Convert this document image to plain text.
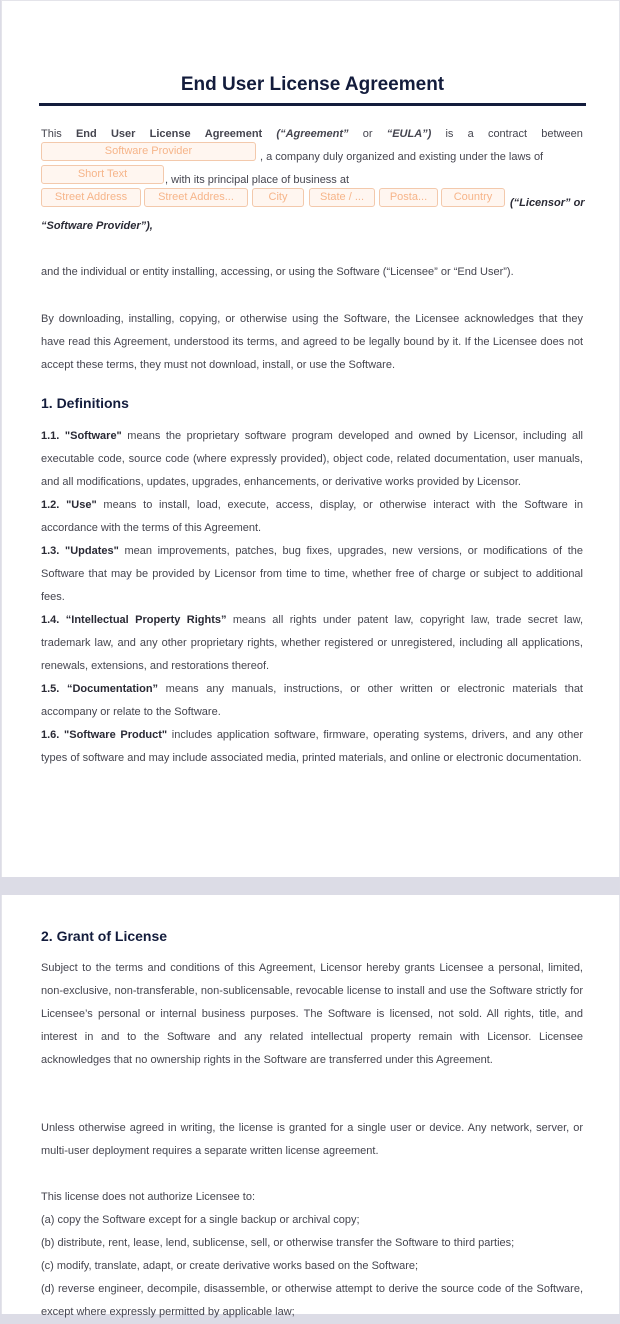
End User License Agreement
This End User License Agreement (“Agreement” or “EULA”) is a contract between
Software Provider	, a company duly organized and existing under the laws of
Short Text	, with its principal place of business at
Street Address	Street Addres...	City	State / ...	Posta...	Country	(“Licensor” or
“Software Provider”),

and the individual or entity installing, accessing, or using the Software (“Licensee” or “End User”).

By downloading, installing, copying, or otherwise using the Software, the Licensee acknowledges that they have read this Agreement, understood its terms, and agreed to be legally bound by it. If the Licensee does not accept these terms, they must not download, install, or use the Software.

1. Definitions

1.1. "Software" means the proprietary software program developed and owned by Licensor, including all executable code, source code (where expressly provided), object code, related documentation, user manuals, and all modifications, updates, upgrades, enhancements, or derivative works provided by Licensor.

1.2. "Use" means to install, load, execute, access, display, or otherwise interact with the Software in accordance with the terms of this Agreement.

1.3. "Updates" mean improvements, patches, bug fixes, upgrades, new versions, or modifications of the Software that may be provided by Licensor from time to time, whether free of charge or subject to additional fees.

1.4. “Intellectual Property Rights” means all rights under patent law, copyright law, trade secret law, trademark law, and any other proprietary rights, whether registered or unregistered, including all applications, renewals, extensions, and restorations thereof.

1.5. “Documentation” means any manuals, instructions, or other written or electronic materials that accompany or relate to the Software.

1.6. "Software Product" includes application software, firmware, operating systems, drivers, and any other types of software and may include associated media, printed materials, and online or electronic documentation.

2. Grant of License

Subject to the terms and conditions of this Agreement, Licensor hereby grants Licensee a personal, limited, non-exclusive, non-transferable, non-sublicensable, revocable license to install and use the Software strictly for Licensee’s personal or internal business purposes. The Software is licensed, not sold. All rights, title, and interest in and to the Software and any related intellectual property remain with Licensor. Licensee acknowledges that no ownership rights in the Software are transferred under this Agreement.

Unless otherwise agreed in writing, the license is granted for a single user or device. Any network, server, or multi-user deployment requires a separate written license agreement.

This license does not authorize Licensee to:

(a) copy the Software except for a single backup or archival copy;

(b) distribute, rent, lease, lend, sublicense, sell, or otherwise transfer the Software to third parties;

(c) modify, translate, adapt, or create derivative works based on the Software;

(d) reverse engineer, decompile, disassemble, or otherwise attempt to derive the source code of the Software, except where expressly permitted by applicable law;
